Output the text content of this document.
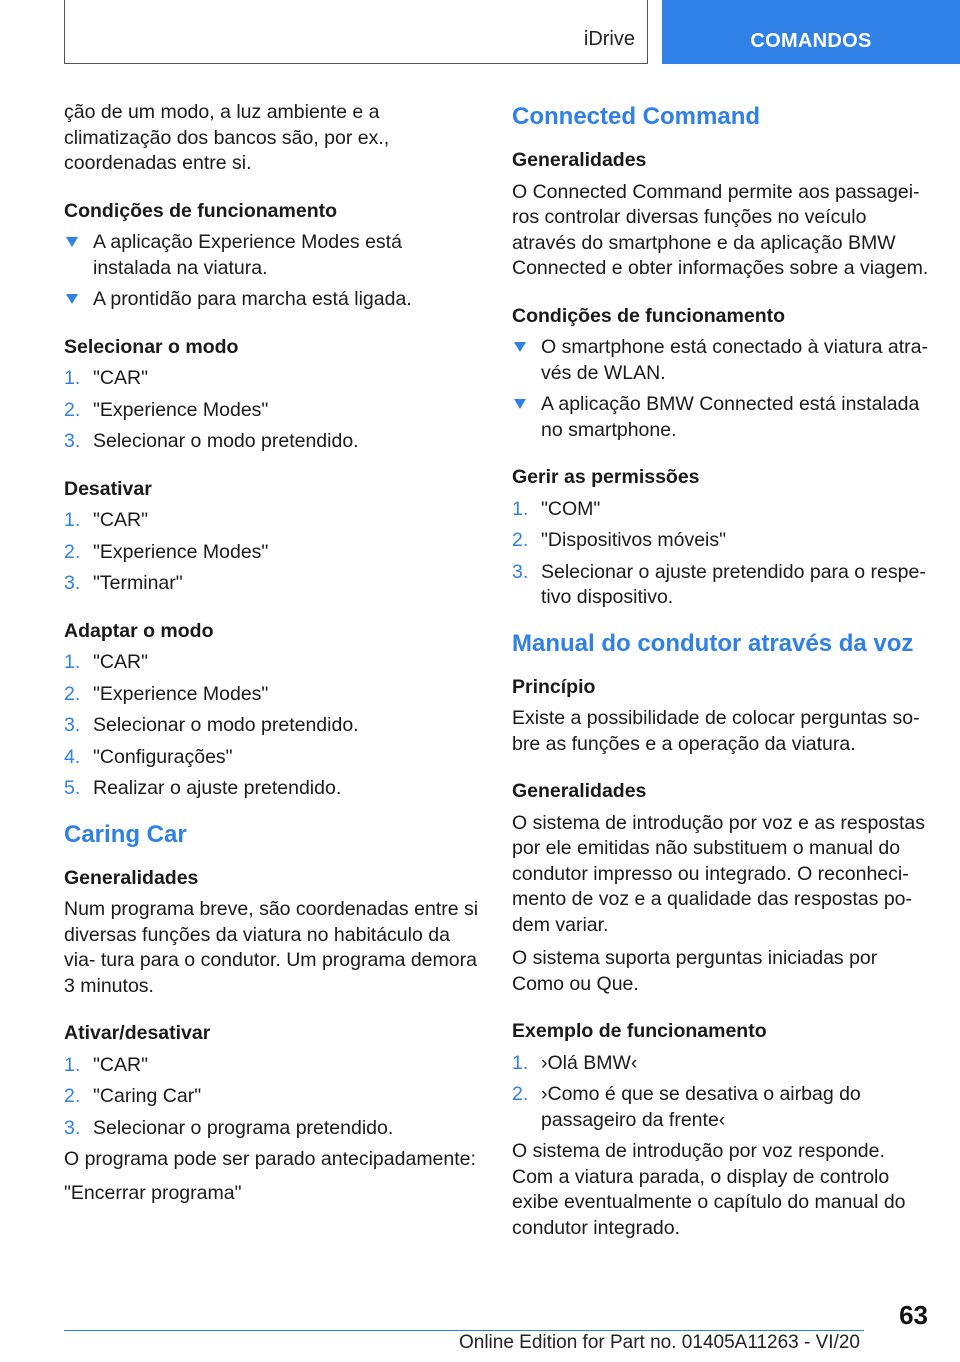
iDrive	COMANDOS

ção de um modo, a luz ambiente e a climatização dos bancos são, por ex., coordenadas entre si.

Condições de funcionamento
A aplicação Experience Modes está instalada na viatura.
A prontidão para marcha está ligada.
Selecionar o modo
1. "CAR"
2. "Experience Modes"
3. Selecionar o modo pretendido.
Desativar
1. "CAR"
2. "Experience Modes"
3. "Terminar"
Adaptar o modo
1. "CAR"
2. "Experience Modes"
3. Selecionar o modo pretendido.
4. "Configurações"
5. Realizar o ajuste pretendido.
Caring Car
Generalidades

Num programa breve, são coordenadas entre si diversas funções da viatura no habitáculo da via- tura para o condutor. Um programa demora 3 minutos.

Ativar/desativar
1. "CAR"
2. "Caring Car"
3. Selecionar o programa pretendido.

O programa pode ser parado antecipadamente:

"Encerrar programa"

Connected Command
Generalidades

O Connected Command permite aos passagei- ros controlar diversas funções no veículo através do smartphone e da aplicação BMW Connected e obter informações sobre a viagem.

Condições de funcionamento
O smartphone está conectado à viatura atra- vés de WLAN.
A aplicação BMW Connected está instalada no smartphone.
Gerir as permissões
1. "COM"
2. "Dispositivos móveis"
3. Selecionar o ajuste pretendido para o respe- tivo dispositivo.
Manual do condutor através da voz
Princípio

Existe a possibilidade de colocar perguntas so- bre as funções e a operação da viatura.

Generalidades

O sistema de introdução por voz e as respostas por ele emitidas não substituem o manual do condutor impresso ou integrado. O reconheci- mento de voz e a qualidade das respostas po- dem variar.

O sistema suporta perguntas iniciadas por Como ou Que.

Exemplo de funcionamento
1. ›Olá BMW‹
2. ›Como é que se desativa o airbag do passageiro da frente‹

O sistema de introdução por voz responde. Com a viatura parada, o display de controlo exibe eventualmente o capítulo do manual do condutor integrado.

63
Online Edition for Part no. 01405A11263 - VI/20
